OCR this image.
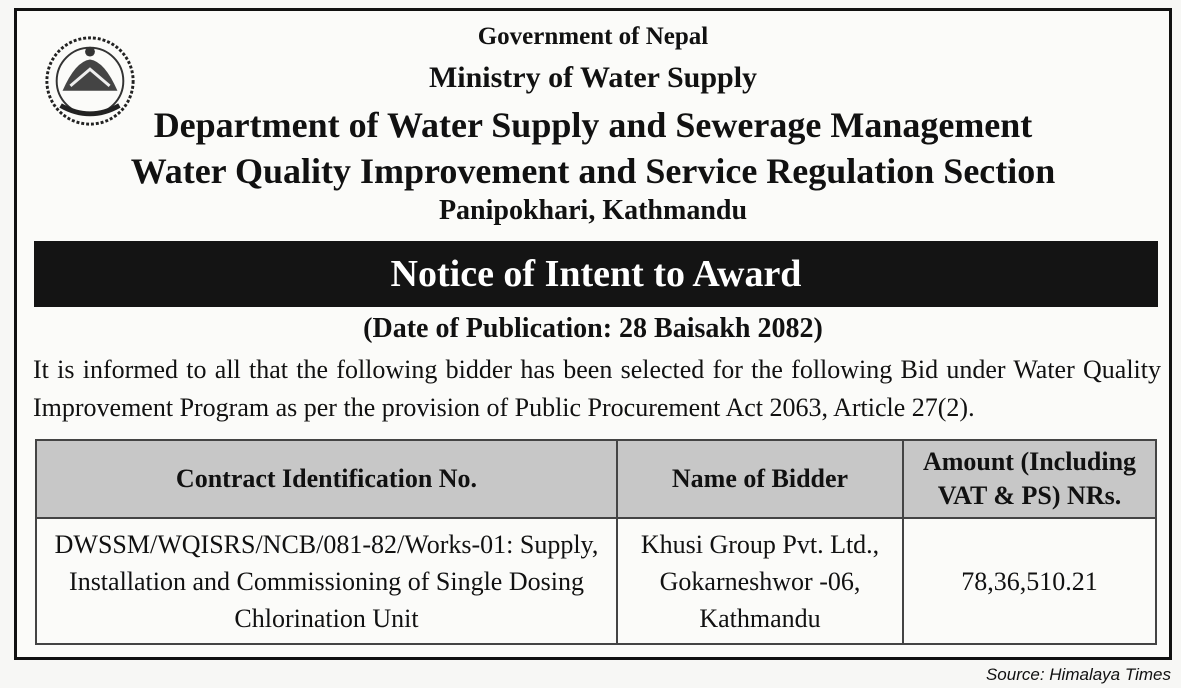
Government of Nepal
Ministry of Water Supply
Department of Water Supply and Sewerage Management
Water Quality Improvement and Service Regulation Section
Panipokhari, Kathmandu
Notice of Intent to Award
(Date of Publication: 28 Baisakh 2082)
It is informed to all that the following bidder has been selected for the following Bid under Water Quality Improvement Program as per the provision of Public Procurement Act 2063, Article 27(2).
Contract Identification No.	Name of Bidder	Amount (Including VAT & PS) NRs.
DWSSM/WQISRS/NCB/081-82/Works-01: Supply, Installation and Commissioning of Single Dosing Chlorination Unit	Khusi Group Pvt. Ltd., Gokarneshwor -06, Kathmandu	78,36,510.21
Source: Himalaya Times
